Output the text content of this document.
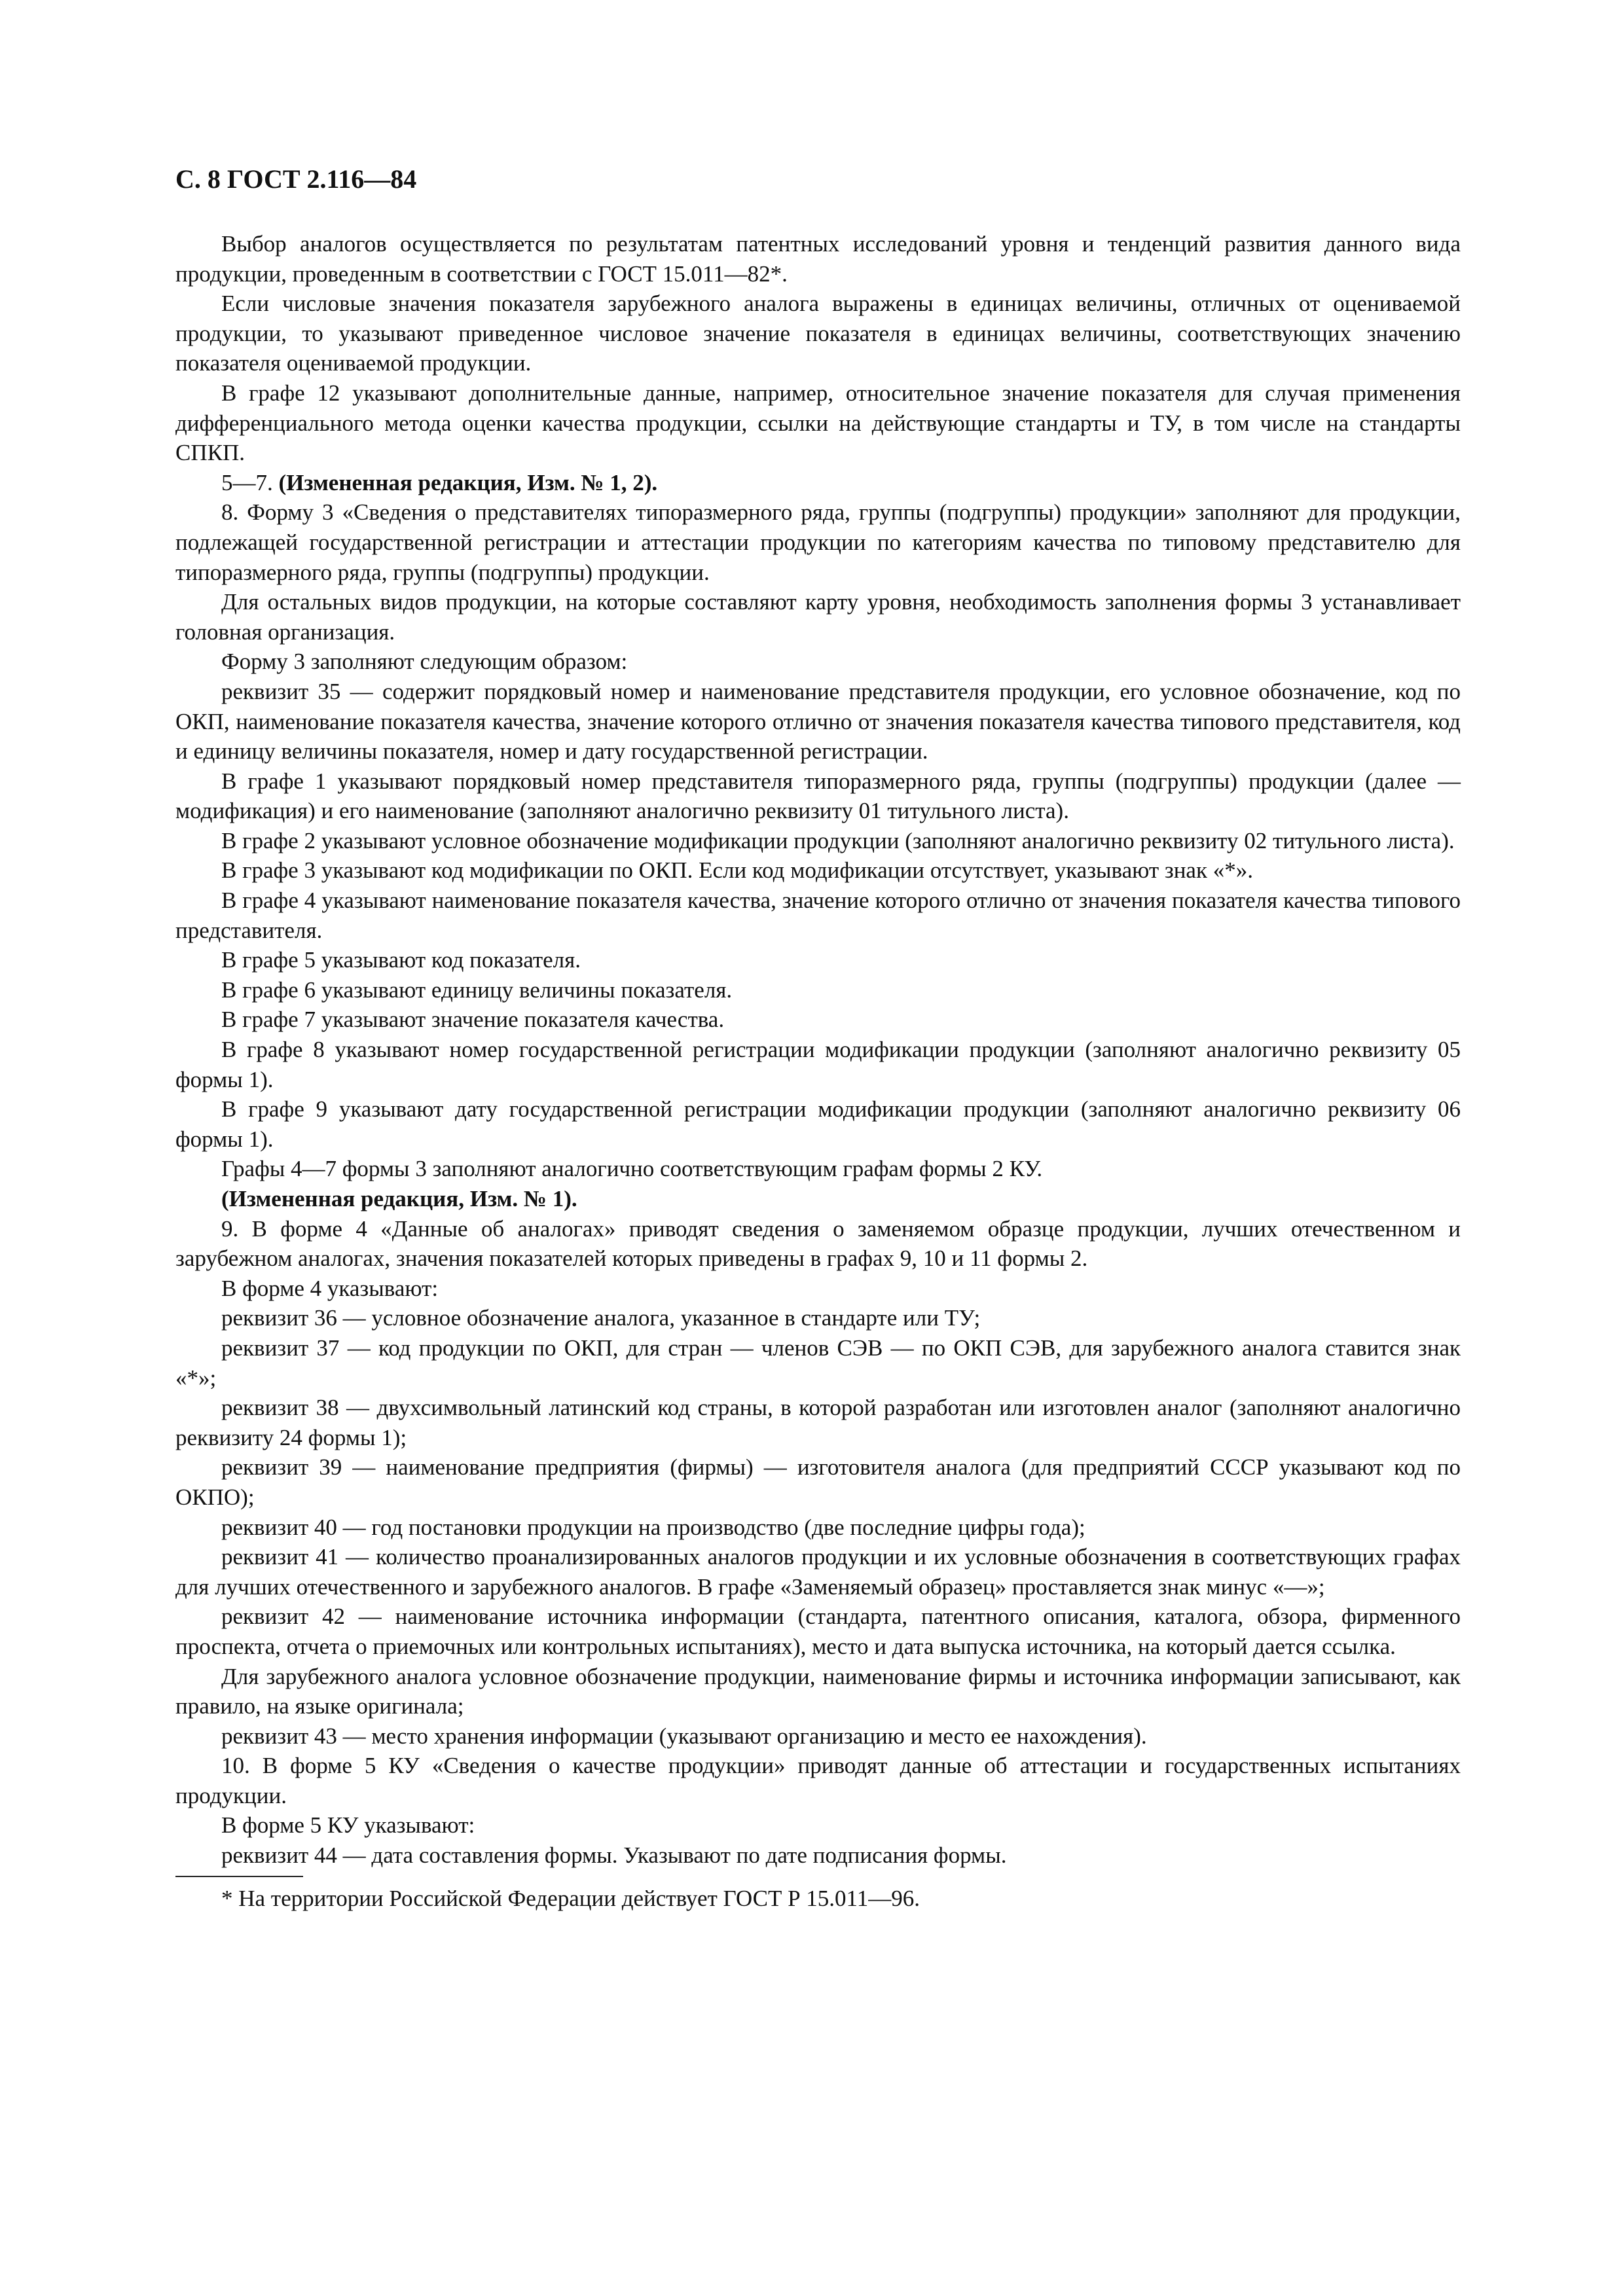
С. 8 ГОСТ 2.116—84

Выбор аналогов осуществляется по результатам патентных исследований уровня и тенденций развития данного вида продукции, проведенным в соответствии с ГОСТ 15.011—82*.

Если числовые значения показателя зарубежного аналога выражены в единицах величины, отличных от оцениваемой продукции, то указывают приведенное числовое значение показателя в единицах величины, соответствующих значению показателя оцениваемой продукции.

В графе 12 указывают дополнительные данные, например, относительное значение показателя для случая применения дифференциального метода оценки качества продукции, ссылки на действующие стандарты и ТУ, в том числе на стандарты СПКП.

5—7. (Измененная редакция, Изм. № 1, 2).

8. Форму 3 «Сведения о представителях типоразмерного ряда, группы (подгруппы) продукции» заполняют для продукции, подлежащей государственной регистрации и аттестации продукции по категориям качества по типовому представителю для типоразмерного ряда, группы (подгруппы) продукции.

Для остальных видов продукции, на которые составляют карту уровня, необходимость заполнения формы 3 устанавливает головная организация.

Форму 3 заполняют следующим образом:

реквизит 35 — содержит порядковый номер и наименование представителя продукции, его условное обозначение, код по ОКП, наименование показателя качества, значение которого отлично от значения показателя качества типового представителя, код и единицу величины показателя, номер и дату государственной регистрации.

В графе 1 указывают порядковый номер представителя типоразмерного ряда, группы (подгруппы) продукции (далее — модификация) и его наименование (заполняют аналогично реквизиту 01 титульного листа).

В графе 2 указывают условное обозначение модификации продукции (заполняют аналогично реквизиту 02 титульного листа).

В графе 3 указывают код модификации по ОКП. Если код модификации отсутствует, указывают знак «*».

В графе 4 указывают наименование показателя качества, значение которого отлично от значения показателя качества типового представителя.

В графе 5 указывают код показателя.

В графе 6 указывают единицу величины показателя.

В графе 7 указывают значение показателя качества.

В графе 8 указывают номер государственной регистрации модификации продукции (заполняют аналогично реквизиту 05 формы 1).

В графе 9 указывают дату государственной регистрации модификации продукции (заполняют аналогично реквизиту 06 формы 1).

Графы 4—7 формы 3 заполняют аналогично соответствующим графам формы 2 КУ.

(Измененная редакция, Изм. № 1).

9. В форме 4 «Данные об аналогах» приводят сведения о заменяемом образце продукции, лучших отечественном и зарубежном аналогах, значения показателей которых приведены в графах 9, 10 и 11 формы 2.

В форме 4 указывают:

реквизит 36 — условное обозначение аналога, указанное в стандарте или ТУ;

реквизит 37 — код продукции по ОКП, для стран — членов СЭВ — по ОКП СЭВ, для зарубежного аналога ставится знак «*»;

реквизит 38 — двухсимвольный латинский код страны, в которой разработан или изготовлен аналог (заполняют аналогично реквизиту 24 формы 1);

реквизит 39 — наименование предприятия (фирмы) — изготовителя аналога (для предприятий СССР указывают код по ОКПО);

реквизит 40 — год постановки продукции на производство (две последние цифры года);

реквизит 41 — количество проанализированных аналогов продукции и их условные обозначения в соответствующих графах для лучших отечественного и зарубежного аналогов. В графе «Заменяемый образец» проставляется знак минус «—»;

реквизит 42 — наименование источника информации (стандарта, патентного описания, каталога, обзора, фирменного проспекта, отчета о приемочных или контрольных испытаниях), место и дата выпуска источника, на который дается ссылка.

Для зарубежного аналога условное обозначение продукции, наименование фирмы и источника информации записывают, как правило, на языке оригинала;

реквизит 43 — место хранения информации (указывают организацию и место ее нахождения).

10. В форме 5 КУ «Сведения о качестве продукции» приводят данные об аттестации и государственных испытаниях продукции.

В форме 5 КУ указывают:

реквизит 44 — дата составления формы. Указывают по дате подписания формы.

* На территории Российской Федерации действует ГОСТ Р 15.011—96.
